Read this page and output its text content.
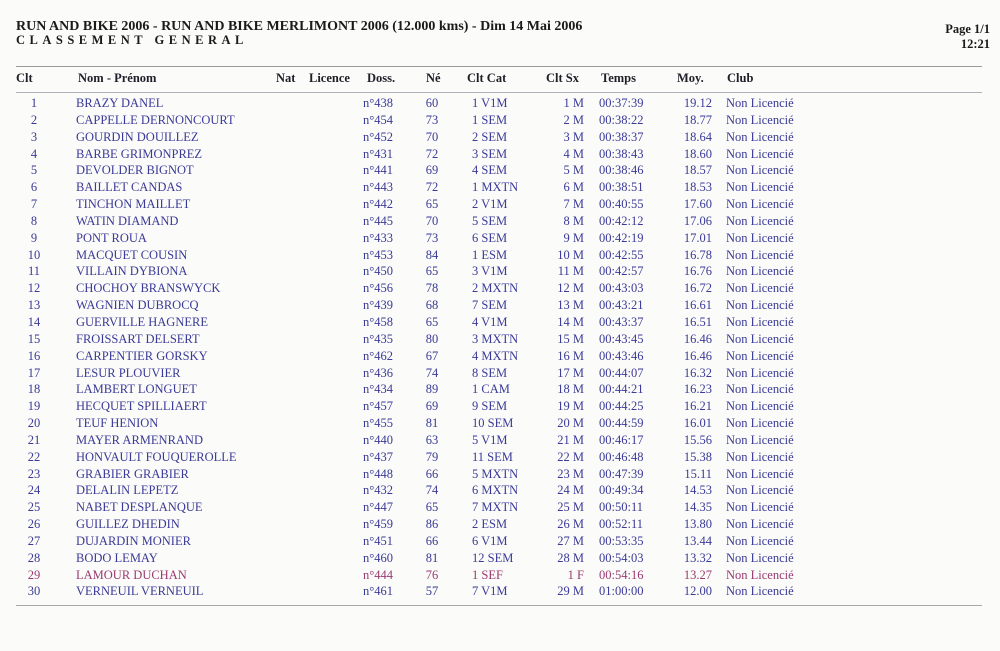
RUN AND BIKE 2006 - RUN AND BIKE MERLIMONT 2006 (12.000 kms) - Dim 14 Mai 2006
CLASSEMENT GENERAL
Page 1/1
12:21
Clt	Nom - Prénom	Nat Licence Doss. Né Clt Cat	Clt Sx Temps	Moy. Club
1	BRAZY DANEL	n°438	60	1 V1M	1 M 00:37:39	19.12 Non Licencié
2	CAPPELLE DERNONCOURT	n°454	73	1 SEM	2 M 00:38:22	18.77 Non Licencié
3	GOURDIN DOUILLEZ	n°452	70	2 SEM	3 M 00:38:37	18.64 Non Licencié
4	BARBE GRIMONPREZ	n°431	72	3 SEM	4 M 00:38:43	18.60 Non Licencié
5	DEVOLDER BIGNOT	n°441	69	4 SEM	5 M 00:38:46	18.57 Non Licencié
6	BAILLET CANDAS	n°443	72	1 MXTN	6 M 00:38:51	18.53 Non Licencié
7	TINCHON MAILLET	n°442	65	2 V1M	7 M 00:40:55	17.60 Non Licencié
8	WATIN DIAMAND	n°445	70	5 SEM	8 M 00:42:12	17.06 Non Licencié
9	PONT ROUA	n°433	73	6 SEM	9 M 00:42:19	17.01 Non Licencié
10	MACQUET COUSIN	n°453	84	1 ESM	10 M 00:42:55	16.78 Non Licencié
11	VILLAIN DYBIONA	n°450	65	3 V1M	11 M 00:42:57	16.76 Non Licencié
12	CHOCHOY BRANSWYCK	n°456	78	2 MXTN	12 M 00:43:03	16.72 Non Licencié
13	WAGNIEN DUBROCQ	n°439	68	7 SEM	13 M 00:43:21	16.61 Non Licencié
14	GUERVILLE HAGNERE	n°458	65	4 V1M	14 M 00:43:37	16.51 Non Licencié
15	FROISSART DELSERT	n°435	80	3 MXTN	15 M 00:43:45	16.46 Non Licencié
16	CARPENTIER GORSKY	n°462	67	4 MXTN	16 M 00:43:46	16.46 Non Licencié
17	LESUR PLOUVIER	n°436	74	8 SEM	17 M 00:44:07	16.32 Non Licencié
18	LAMBERT LONGUET	n°434	89	1 CAM	18 M 00:44:21	16.23 Non Licencié
19	HECQUET SPILLIAERT	n°457	69	9 SEM	19 M 00:44:25	16.21 Non Licencié
20	TEUF HENION	n°455	81	10 SEM	20 M 00:44:59	16.01 Non Licencié
21	MAYER ARMENRAND	n°440	63	5 V1M	21 M 00:46:17	15.56 Non Licencié
22	HONVAULT FOUQUEROLLE	n°437	79	11 SEM	22 M 00:46:48	15.38 Non Licencié
23	GRABIER GRABIER	n°448	66	5 MXTN	23 M 00:47:39	15.11 Non Licencié
24	DELALIN LEPETZ	n°432	74	6 MXTN	24 M 00:49:34	14.53 Non Licencié
25	NABET DESPLANQUE	n°447	65	7 MXTN	25 M 00:50:11	14.35 Non Licencié
26	GUILLEZ DHEDIN	n°459	86	2 ESM	26 M 00:52:11	13.80 Non Licencié
27	DUJARDIN MONIER	n°451	66	6 V1M	27 M 00:53:35	13.44 Non Licencié
28	BODO LEMAY	n°460	81	12 SEM	28 M 00:54:03	13.32 Non Licencié
29	LAMOUR DUCHAN	n°444	76	1 SEF	1 F 00:54:16	13.27 Non Licencié
30	VERNEUIL VERNEUIL	n°461	57	7 V1M	29 M 01:00:00	12.00 Non Licencié
